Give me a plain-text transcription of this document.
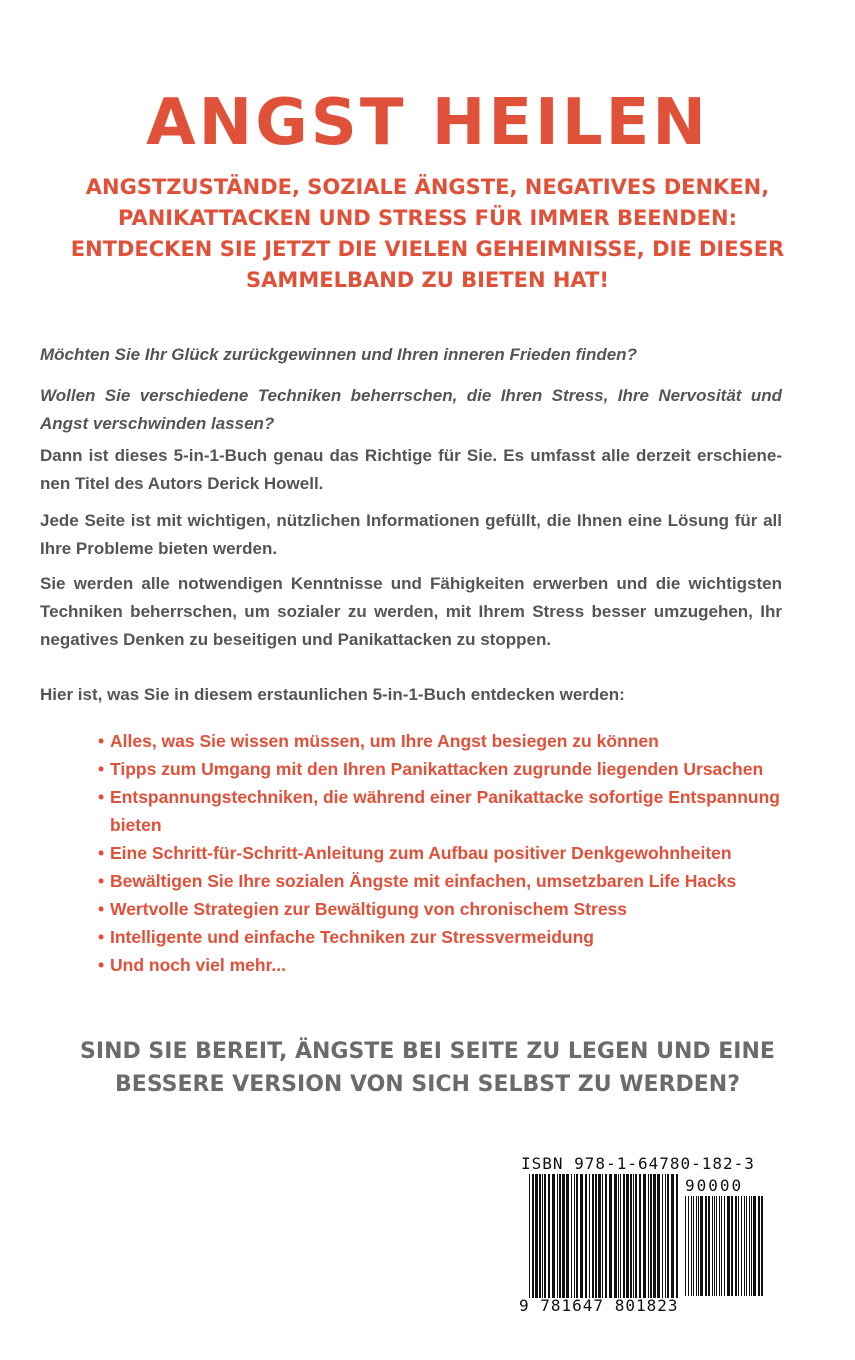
ANGST HEILEN
ANGSTZUSTÄNDE, SOZIALE ÄNGSTE, NEGATIVES DENKEN,
PANIKATTACKEN UND STRESS FÜR IMMER BEENDEN:
ENTDECKEN SIE JETZT DIE VIELEN GEHEIMNISSE, DIE DIESER
SAMMELBAND ZU BIETEN HAT!
Möchten Sie Ihr Glück zurückgewinnen und Ihren inneren Frieden finden?
Wollen Sie verschiedene Techniken beherrschen, die Ihren Stress, Ihre Nervosität und Angst verschwinden lassen?
Dann ist dieses 5-in-1-Buch genau das Richtige für Sie. Es umfasst alle derzeit erschienenen Titel des Autors Derick Howell.
Jede Seite ist mit wichtigen, nützlichen Informationen gefüllt, die Ihnen eine Lösung für all Ihre Probleme bieten werden.
Sie werden alle notwendigen Kenntnisse und Fähigkeiten erwerben und die wichtigsten Techniken beherrschen, um sozialer zu werden, mit Ihrem Stress besser umzugehen, Ihr negatives Denken zu beseitigen und Panikattacken zu stoppen.
Hier ist, was Sie in diesem erstaunlichen 5-in-1-Buch entdecken werden:
• Alles, was Sie wissen müssen, um Ihre Angst besiegen zu können
• Tipps zum Umgang mit den Ihren Panikattacken zugrunde liegenden Ursachen
• Entspannungstechniken, die während einer Panikattacke sofortige Entspannung bieten
• Eine Schritt-für-Schritt-Anleitung zum Aufbau positiver Denkgewohnheiten
• Bewältigen Sie Ihre sozialen Ängste mit einfachen, umsetzbaren Life Hacks
• Wertvolle Strategien zur Bewältigung von chronischem Stress
• Intelligente und einfache Techniken zur Stressvermeidung
• Und noch viel mehr...
SIND SIE BEREIT, ÄNGSTE BEI SEITE ZU LEGEN UND EINE
BESSERE VERSION VON SICH SELBST ZU WERDEN?
ISBN 978-1-64780-182-3
90000
9 781647 801823
